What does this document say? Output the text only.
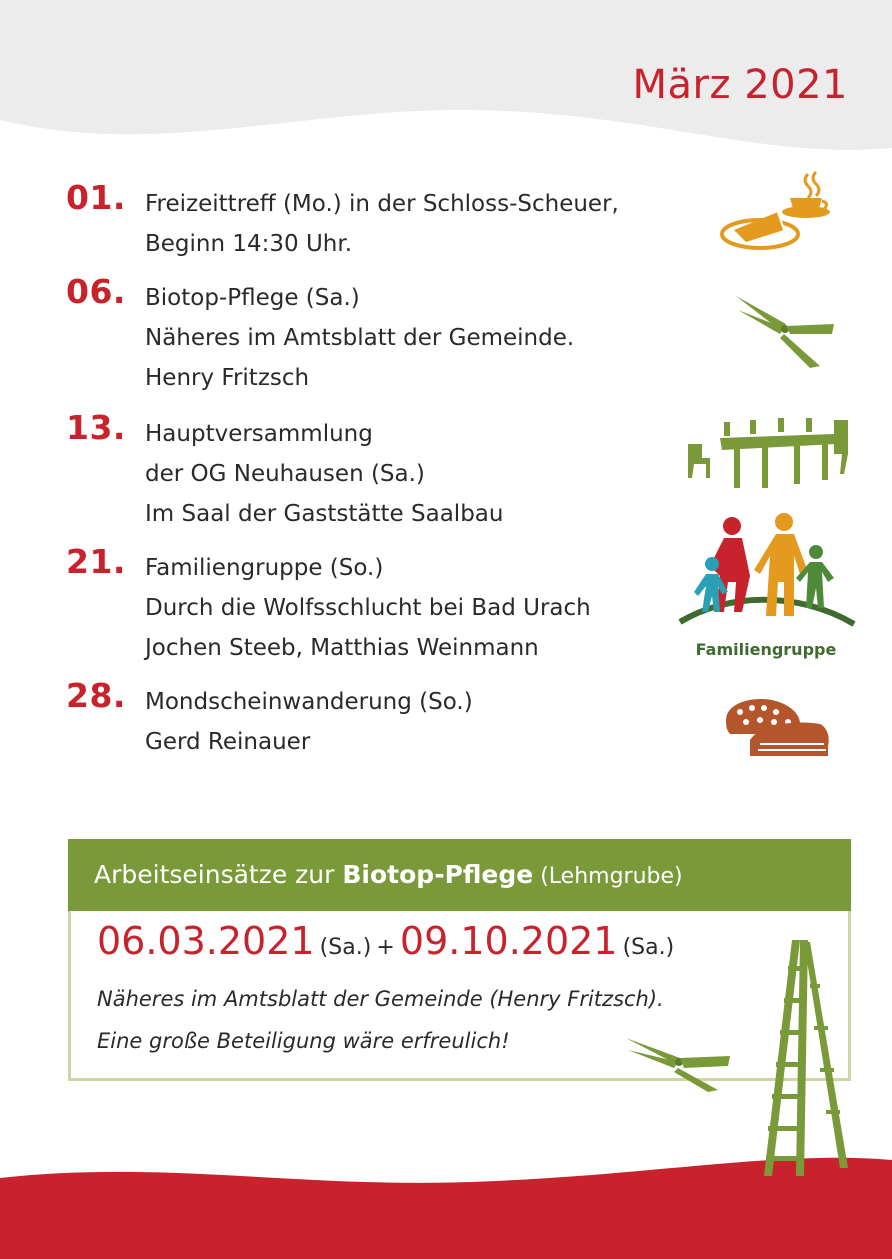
März 2021
01. Freizeittreff (Mo.) in der Schloss-Scheuer,
Beginn 14:30 Uhr.
06. Biotop-Pflege (Sa.)
Näheres im Amtsblatt der Gemeinde.
Henry Fritzsch
13. Hauptversammlung
der OG Neuhausen (Sa.)
Im Saal der Gaststätte Saalbau
21. Familiengruppe (So.)
Durch die Wolfsschlucht bei Bad Urach
Jochen Steeb, Matthias Weinmann	Familiengruppe
28. Mondscheinwanderung (So.)
Gerd Reinauer
Arbeitseinsätze zur Biotop-Pflege (Lehmgrube)
06.03.2021 (Sa.) + 09.10.2021 (Sa.)
Näheres im Amtsblatt der Gemeinde (Henry Fritzsch).
Eine große Beteiligung wäre erfreulich!
